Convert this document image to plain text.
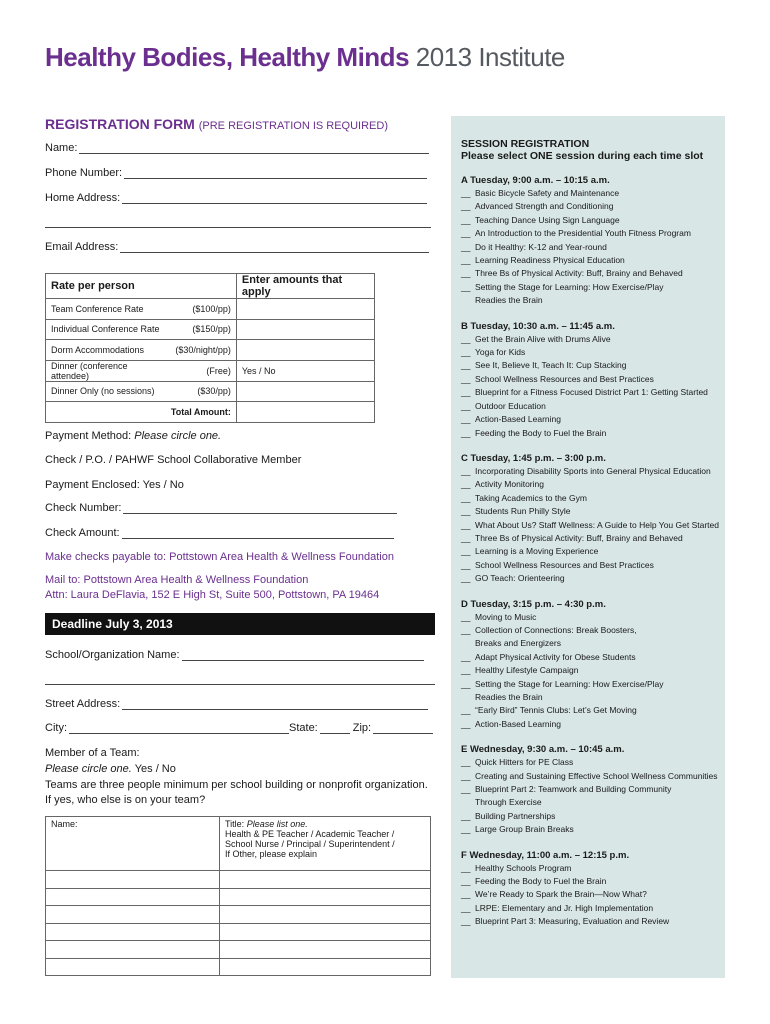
Healthy Bodies, Healthy Minds 2013 Institute
REGISTRATION FORM (PRE REGISTRATION IS REQUIRED)
Name:
Phone Number:
Home Address:
Email Address:
Rate per person		Enter amounts that apply
Team Conference Rate	($100/pp)	
Individual Conference Rate	($150/pp)	
Dorm Accommodations	($30/night/pp)	
Dinner (conference attendee)	(Free)	Yes / No
Dinner Only (no sessions)	($30/pp)	
Total Amount:		
Payment Method: Please circle one.
Check / P.O. / PAHWF School Collaborative Member
Payment Enclosed: Yes / No
Check Number:
Check Amount:
Make checks payable to: Pottstown Area Health & Wellness Foundation
Mail to: Pottstown Area Health & Wellness Foundation
Attn: Laura DeFlavia, 152 E High St, Suite 500, Pottstown, PA 19464
Deadline July 3, 2013
School/Organization Name:
Street Address:
City:	State:	Zip:
Member of a Team:
Please circle one. Yes / No
Teams are three people minimum per school building or nonprofit organization.
If yes, who else is on your team?
Name:	Title: Please list one.
Health & PE Teacher / Academic Teacher /
School Nurse / Principal / Superintendent /
If Other, please explain

SESSION REGISTRATION
Please select ONE session during each time slot
A Tuesday, 9:00 a.m. – 10:15 a.m.
__ Basic Bicycle Safety and Maintenance
__ Advanced Strength and Conditioning
__ Teaching Dance Using Sign Language
__ An Introduction to the Presidential Youth Fitness Program
__ Do it Healthy: K-12 and Year-round
__ Learning Readiness Physical Education
__ Three Bs of Physical Activity: Buff, Brainy and Behaved
__ Setting the Stage for Learning: How Exercise/Play
Readies the Brain
B Tuesday, 10:30 a.m. – 11:45 a.m.
__ Get the Brain Alive with Drums Alive
__ Yoga for Kids
__ See It, Believe It, Teach It: Cup Stacking
__ School Wellness Resources and Best Practices
__ Blueprint for a Fitness Focused District Part 1: Getting Started
__ Outdoor Education
__ Action-Based Learning
__ Feeding the Body to Fuel the Brain
C Tuesday, 1:45 p.m. – 3:00 p.m.
__ Incorporating Disability Sports into General Physical Education
__ Activity Monitoring
__ Taking Academics to the Gym
__ Students Run Philly Style
__ What About Us? Staff Wellness: A Guide to Help You Get Started
__ Three Bs of Physical Activity: Buff, Brainy and Behaved
__ Learning is a Moving Experience
__ School Wellness Resources and Best Practices
__ GO Teach: Orienteering
D Tuesday, 3:15 p.m. – 4:30 p.m.
__ Moving to Music
__ Collection of Connections: Break Boosters,
Breaks and Energizers
__ Adapt Physical Activity for Obese Students
__ Healthy Lifestyle Campaign
__ Setting the Stage for Learning: How Exercise/Play
Readies the Brain
__ “Early Bird” Tennis Clubs: Let’s Get Moving
__ Action-Based Learning
E Wednesday, 9:30 a.m. – 10:45 a.m.
__ Quick Hitters for PE Class
__ Creating and Sustaining Effective School Wellness Communities
__ Blueprint Part 2: Teamwork and Building Community
Through Exercise
__ Building Partnerships
__ Large Group Brain Breaks
F Wednesday, 11:00 a.m. – 12:15 p.m.
__ Healthy Schools Program
__ Feeding the Body to Fuel the Brain
__ We’re Ready to Spark the Brain—Now What?
__ LRPE: Elementary and Jr. High Implementation
__ Blueprint Part 3: Measuring, Evaluation and Review
